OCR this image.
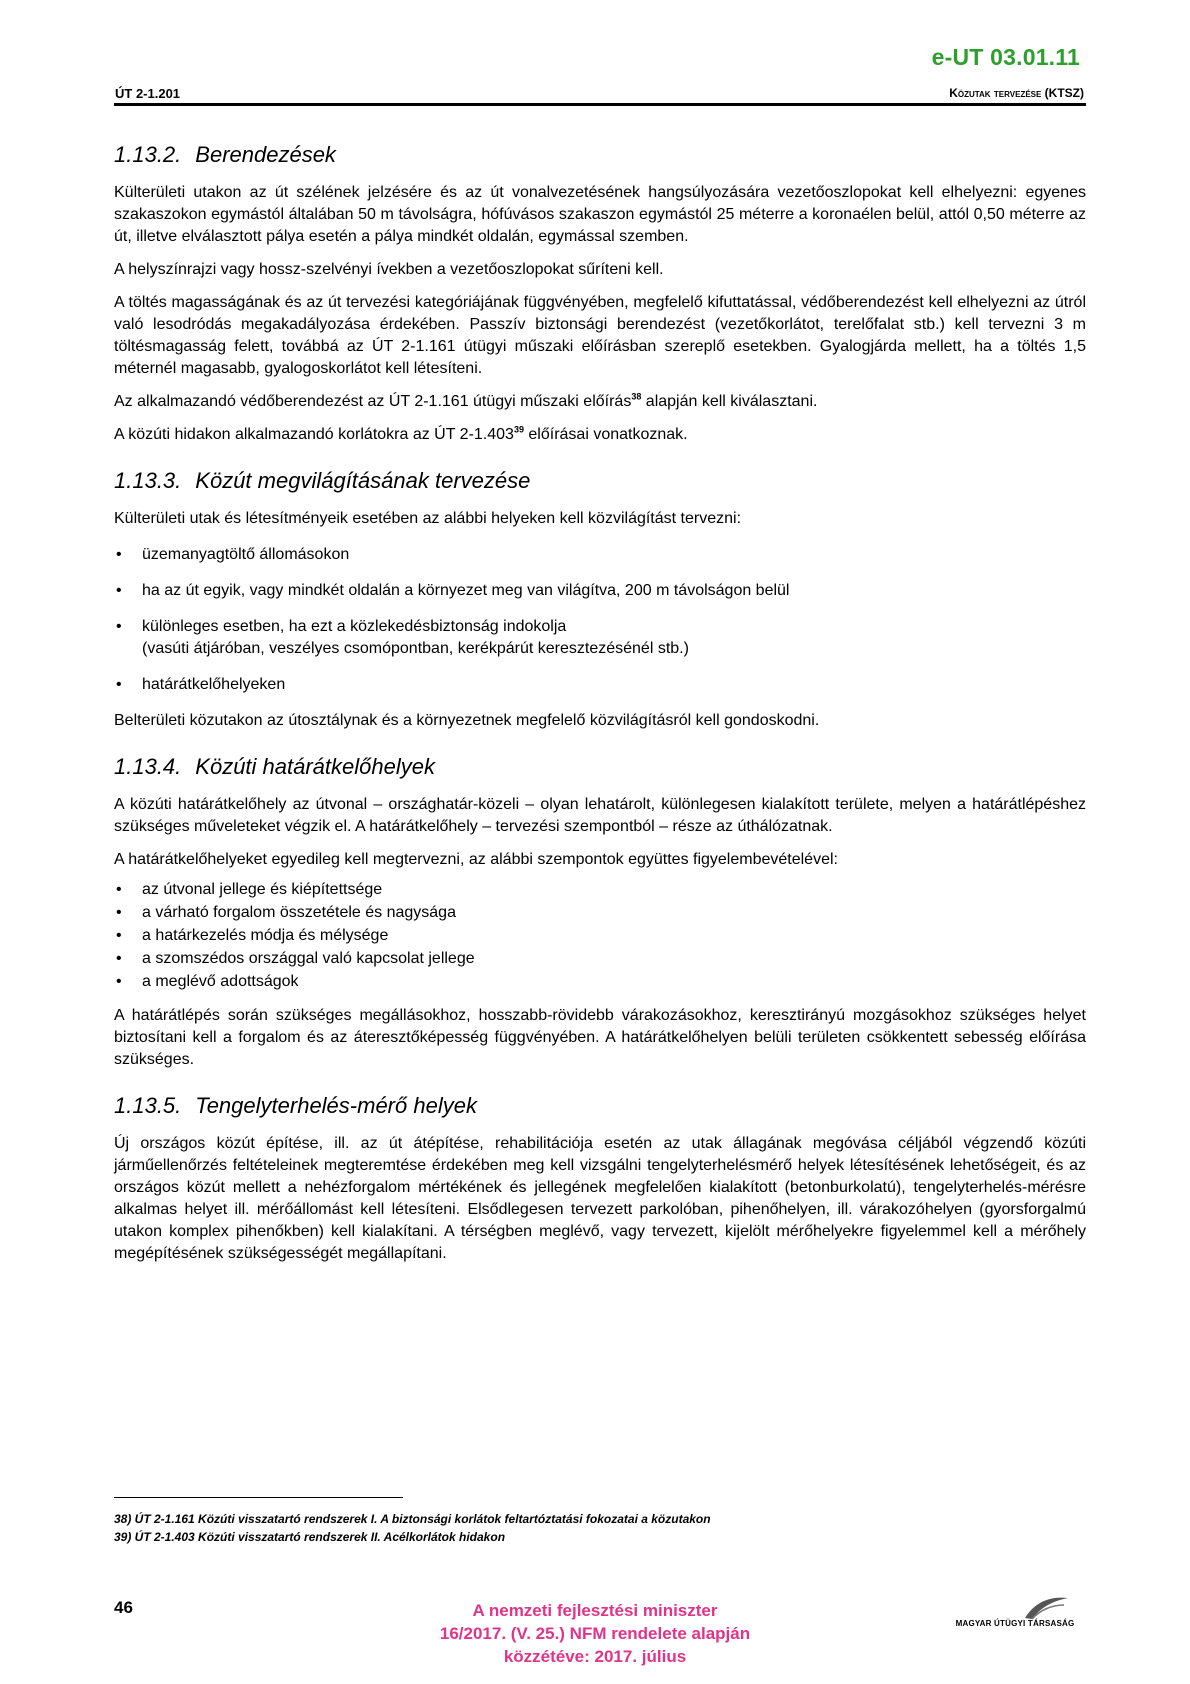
e-UT 03.01.11
ÚT 2-1.201	Közutak tervezése (KTSZ)
1.13.2. Berendezések

Külterületi utakon az út szélének jelzésére és az út vonalvezetésének hangsúlyozására vezetőoszlopokat kell elhelyezni: egyenes szakaszokon egymástól általában 50 m távolságra, hófúvásos szakaszon egymástól 25 méterre a koronaélen belül, attól 0,50 méterre az út, illetve elválasztott pálya esetén a pálya mindkét oldalán, egymással szemben.

A helyszínrajzi vagy hossz-szelvényi ívekben a vezetőoszlopokat sűríteni kell.

A töltés magasságának és az út tervezési kategóriájának függvényében, megfelelő kifuttatással, védőberendezést kell elhelyezni az útról való lesodródás megakadályozása érdekében. Passzív biztonsági berendezést (vezetőkorlátot, terelőfalat stb.) kell tervezni 3 m töltésmagasság felett, továbbá az ÚT 2-1.161 útügyi műszaki előírásban szereplő esetekben. Gyalogjárda mellett, ha a töltés 1,5 méternél magasabb, gyalogoskorlátot kell létesíteni.

Az alkalmazandó védőberendezést az ÚT 2-1.161 útügyi műszaki előírás$^{38}$ alapján kell kiválasztani.

A közúti hidakon alkalmazandó korlátokra az ÚT 2-1.403$^{39}$ előírásai vonatkoznak.

1.13.3. Közút megvilágításának tervezése

Külterületi utak és létesítményeik esetében az alábbi helyeken kell közvilágítást tervezni:

• üzemanyagtöltő állomásokon
• ha az út egyik, vagy mindkét oldalán a környezet meg van világítva, 200 m távolságon belül
• különleges esetben, ha ezt a közlekedésbiztonság indokolja
(vasúti átjáróban, veszélyes csomópontban, kerékpárút keresztezésénél stb.)
• határátkelőhelyeken

Belterületi közutakon az útosztálynak és a környezetnek megfelelő közvilágításról kell gondoskodni.

1.13.4. Közúti határátkelőhelyek

A közúti határátkelőhely az útvonal – országhatár-közeli – olyan lehatárolt, különlegesen kialakított területe, melyen a határátlépéshez szükséges műveleteket végzik el. A határátkelőhely – tervezési szempontból – része az úthálózatnak.

A határátkelőhelyeket egyedileg kell megtervezni, az alábbi szempontok együttes figyelembevételével:

• az útvonal jellege és kiépítettsége
• a várható forgalom összetétele és nagysága
• a határkezelés módja és mélysége
• a szomszédos országgal való kapcsolat jellege
• a meglévő adottságok

A határátlépés során szükséges megállásokhoz, hosszabb-rövidebb várakozásokhoz, keresztirányú mozgásokhoz szükséges helyet biztosítani kell a forgalom és az áteresztőképesség függvényében. A határátkelőhelyen belüli területen csökkentett sebesség előírása szükséges.

1.13.5. Tengelyterhelés-mérő helyek

Új országos közút építése, ill. az út átépítése, rehabilitációja esetén az utak állagának megóvása céljából végzendő közúti járműellenőrzés feltételeinek megteremtése érdekében meg kell vizsgálni tengelyterhelésmérő helyek létesítésének lehetőségeit, és az országos közút mellett a nehézforgalom mértékének és jellegének megfelelően kialakított (betonburkolatú), tengelyterhelés-mérésre alkalmas helyet ill. mérőállomást kell létesíteni. Elsődlegesen tervezett parkolóban, pihenőhelyen, ill. várakozóhelyen (gyorsforgalmú utakon komplex pihenőkben) kell kialakítani. A térségben meglévő, vagy tervezett, kijelölt mérőhelyekre figyelemmel kell a mérőhely megépítésének szükségességét megállapítani.

38) ÚT 2-1.161 Közúti visszatartó rendszerek I. A biztonsági korlátok feltartóztatási fokozatai a közutakon
39) ÚT 2-1.403 Közúti visszatartó rendszerek II. Acélkorlátok hidakon
46	A nemzeti fejlesztési miniszter
16/2017. (V. 25.) NFM rendelete alapján
közzétéve: 2017. július
MAGYAR ÚTÜGYI TÁRSASÁG
